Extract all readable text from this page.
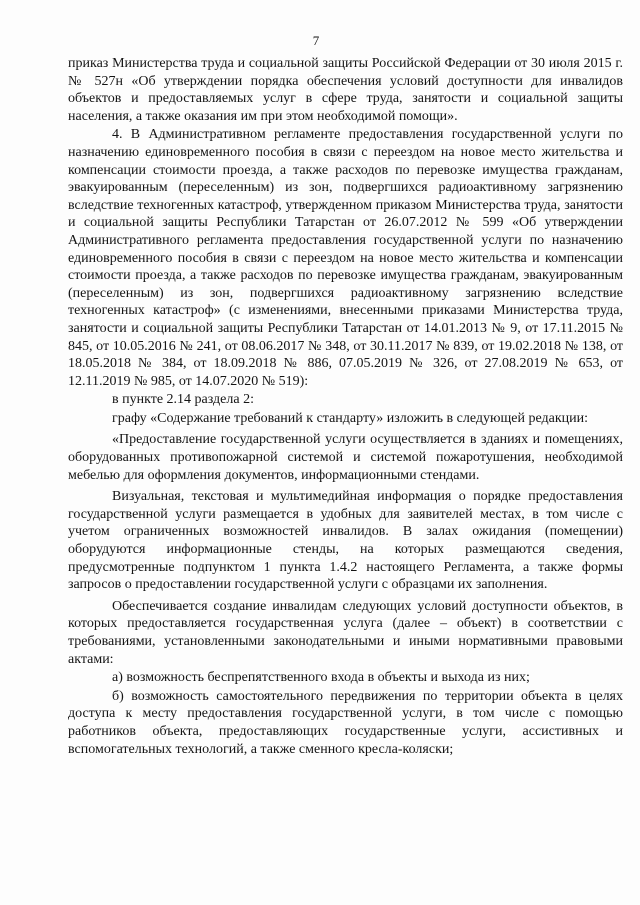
7

приказ Министерства труда и социальной защиты Российской Федерации от 30 июля 2015 г. № 527н «Об утверждении порядка обеспечения условий доступности для инвалидов объектов и предоставляемых услуг в сфере труда, занятости и социальной защиты населения, а также оказания им при этом необходимой помощи».

4. В Административном регламенте предоставления государственной услуги по назначению единовременного пособия в связи с переездом на новое место жительства и компенсации стоимости проезда, а также расходов по перевозке имущества гражданам, эвакуированным (переселенным) из зон, подвергшихся радиоактивному загрязнению вследствие техногенных катастроф, утвержденном приказом Министерства труда, занятости и социальной защиты Республики Татарстан от 26.07.2012 № 599 «Об утверждении Административного регламента предоставления государственной услуги по назначению единовременного пособия в связи с переездом на новое место жительства и компенсации стоимости проезда, а также расходов по перевозке имущества гражданам, эвакуированным (переселенным) из зон, подвергшихся радиоактивному загрязнению вследствие техногенных катастроф» (с изменениями, внесенными приказами Министерства труда, занятости и социальной защиты Республики Татарстан от 14.01.2013 № 9, от 17.11.2015 № 845, от 10.05.2016 № 241, от 08.06.2017 № 348, от 30.11.2017 № 839, от 19.02.2018 № 138, от 18.05.2018 № 384, от 18.09.2018 № 886, 07.05.2019 № 326, от 27.08.2019 № 653, от 12.11.2019 № 985, от 14.07.2020 № 519):

в пункте 2.14 раздела 2:

графу «Содержание требований к стандарту» изложить в следующей редакции:

«Предоставление государственной услуги осуществляется в зданиях и помещениях, оборудованных противопожарной системой и системой пожаротушения, необходимой мебелью для оформления документов, информационными стендами.

Визуальная, текстовая и мультимедийная информация о порядке предоставления государственной услуги размещается в удобных для заявителей местах, в том числе с учетом ограниченных возможностей инвалидов. В залах ожидания (помещении) оборудуются информационные стенды, на которых размещаются сведения, предусмотренные подпунктом 1 пункта 1.4.2 настоящего Регламента, а также формы запросов о предоставлении государственной услуги с образцами их заполнения.

Обеспечивается создание инвалидам следующих условий доступности объектов, в которых предоставляется государственная услуга (далее – объект) в соответствии с требованиями, установленными законодательными и иными нормативными правовыми актами:

а) возможность беспрепятственного входа в объекты и выхода из них;

б) возможность самостоятельного передвижения по территории объекта в целях доступа к месту предоставления государственной услуги, в том числе с помощью работников объекта, предоставляющих государственные услуги, ассистивных и вспомогательных технологий, а также сменного кресла-коляски;
